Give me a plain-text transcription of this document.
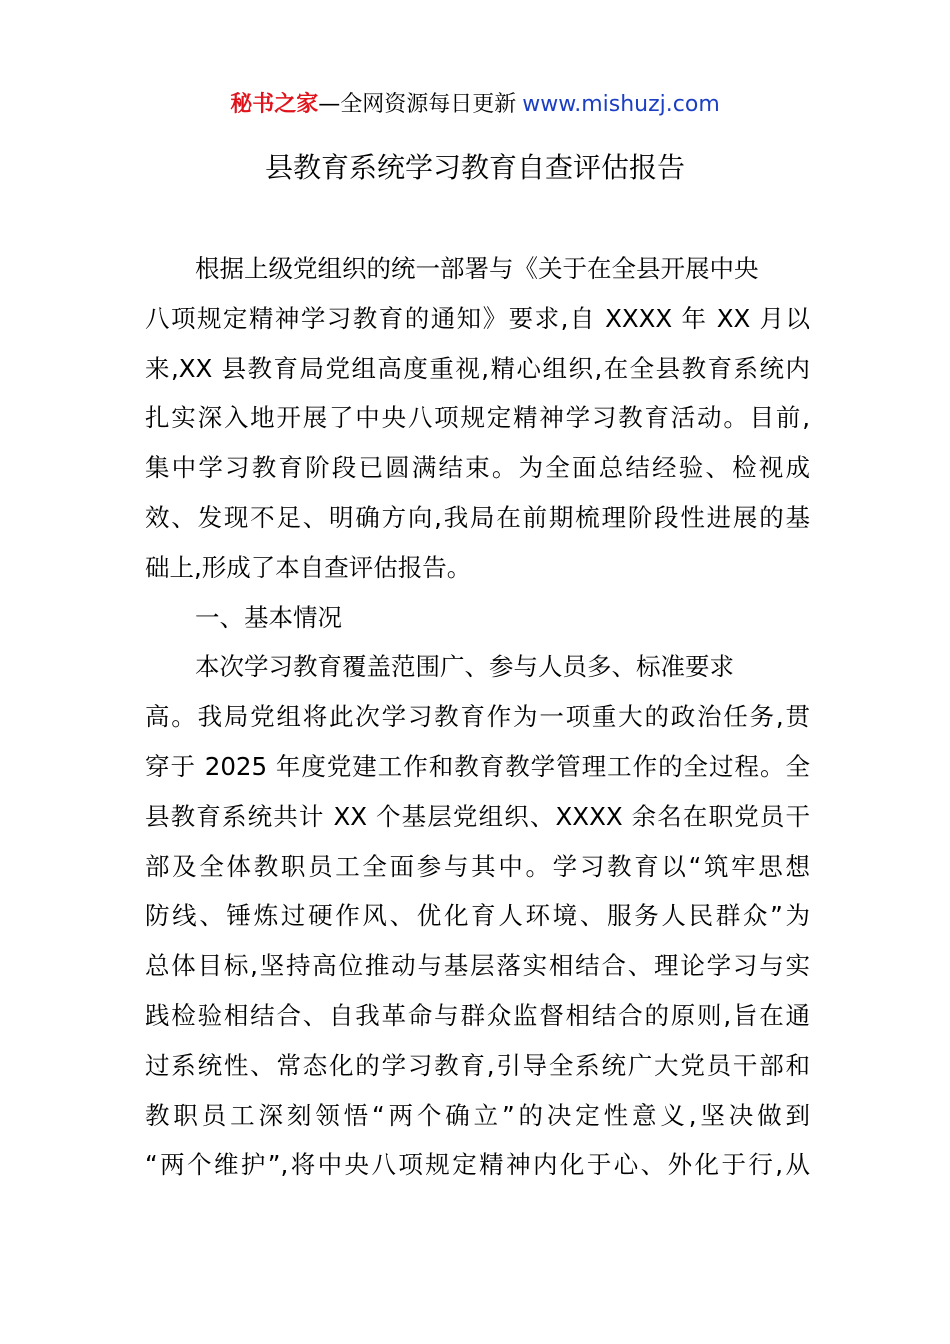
秘书之家—全网资源每日更新 www.mishuzj.com
县教育系统学习教育自查评估报告
根据上级党组织的统一部署与《关于在全县开展中央
八项规定精神学习教育的通知》要求,自 XXXX 年 XX 月以
来,XX 县教育局党组高度重视,精心组织,在全县教育系统内
扎实深入地开展了中央八项规定精神学习教育活动。目前,
集中学习教育阶段已圆满结束。为全面总结经验、检视成
效、发现不足、明确方向,我局在前期梳理阶段性进展的基
础上,形成了本自查评估报告。
一、基本情况
本次学习教育覆盖范围广、参与人员多、标准要求
高。我局党组将此次学习教育作为一项重大的政治任务,贯
穿于 2025 年度党建工作和教育教学管理工作的全过程。全
县教育系统共计 XX 个基层党组织、XXXX 余名在职党员干
部及全体教职员工全面参与其中。学习教育以“筑牢思想
防线、锤炼过硬作风、优化育人环境、服务人民群众”为
总体目标,坚持高位推动与基层落实相结合、理论学习与实
践检验相结合、自我革命与群众监督相结合的原则,旨在通
过系统性、常态化的学习教育,引导全系统广大党员干部和
教职员工深刻领悟“两个确立”的决定性意义,坚决做到
“两个维护”,将中央八项规定精神内化于心、外化于行,从
